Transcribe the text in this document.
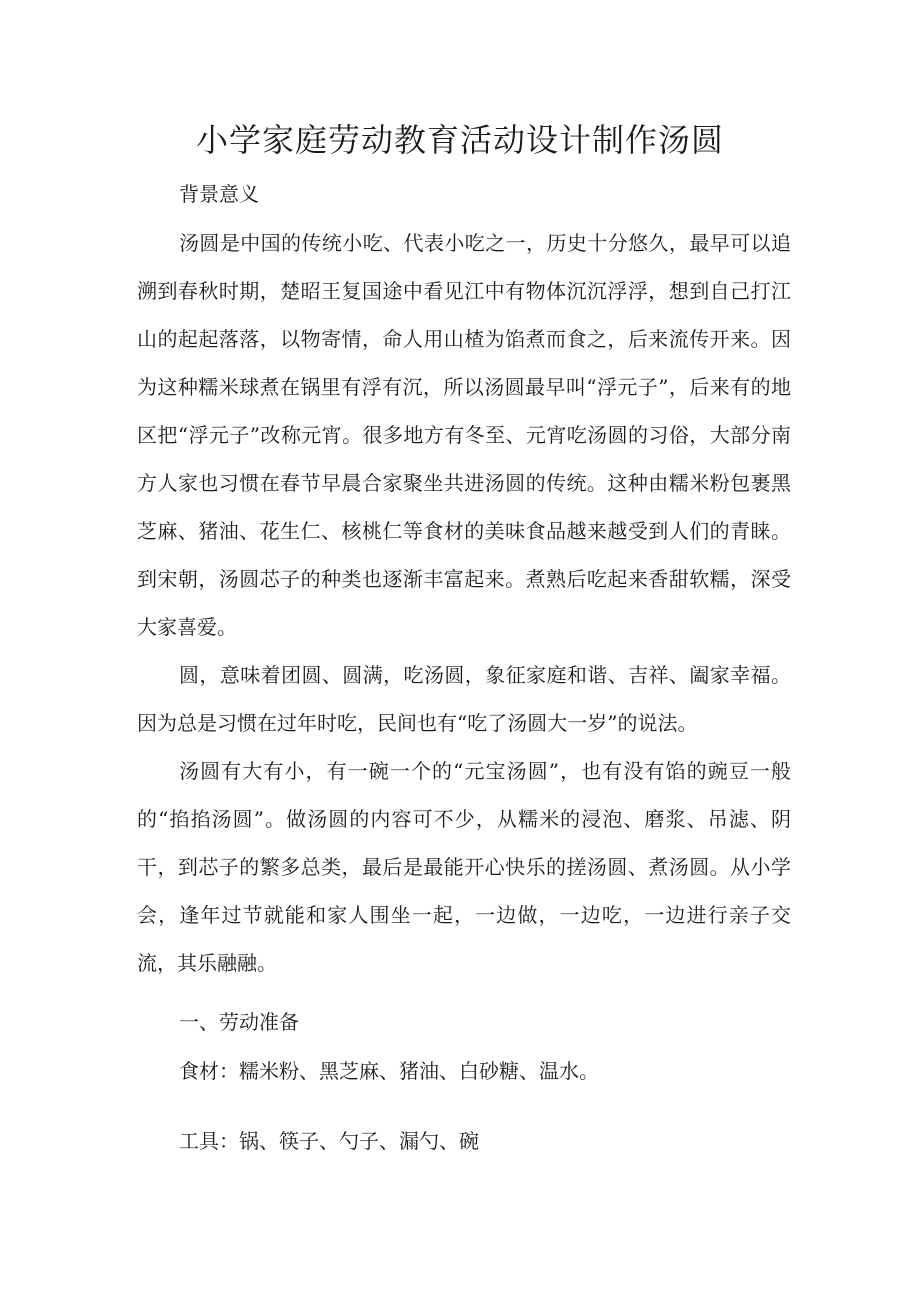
小学家庭劳动教育活动设计制作汤圆

背景意义

汤圆是中国的传统小吃、代表小吃之一，历史十分悠久，最早可以追溯到春秋时期，楚昭王复国途中看见江中有物体沉沉浮浮，想到自己打江山的起起落落，以物寄情，命人用山楂为馅煮而食之，后来流传开来。因为这种糯米球煮在锅里有浮有沉，所以汤圆最早叫“浮元子”，后来有的地区把“浮元子”改称元宵。很多地方有冬至、元宵吃汤圆的习俗，大部分南方人家也习惯在春节早晨合家聚坐共进汤圆的传统。这种由糯米粉包裹黑芝麻、猪油、花生仁、核桃仁等食材的美味食品越来越受到人们的青睐。到宋朝，汤圆芯子的种类也逐渐丰富起来。煮熟后吃起来香甜软糯，深受大家喜爱。

圆，意味着团圆、圆满，吃汤圆，象征家庭和谐、吉祥、阖家幸福。因为总是习惯在过年时吃，民间也有“吃了汤圆大一岁”的说法。

汤圆有大有小，有一碗一个的“元宝汤圆”，也有没有馅的豌豆一般的“掐掐汤圆”。做汤圆的内容可不少，从糯米的浸泡、磨浆、吊滤、阴干，到芯子的繁多总类，最后是最能开心快乐的搓汤圆、煮汤圆。从小学会，逢年过节就能和家人围坐一起，一边做，一边吃，一边进行亲子交流，其乐融融。

一、劳动准备

食材：糯米粉、黑芝麻、猪油、白砂糖、温水。

工具：锅、筷子、勺子、漏勺、碗
